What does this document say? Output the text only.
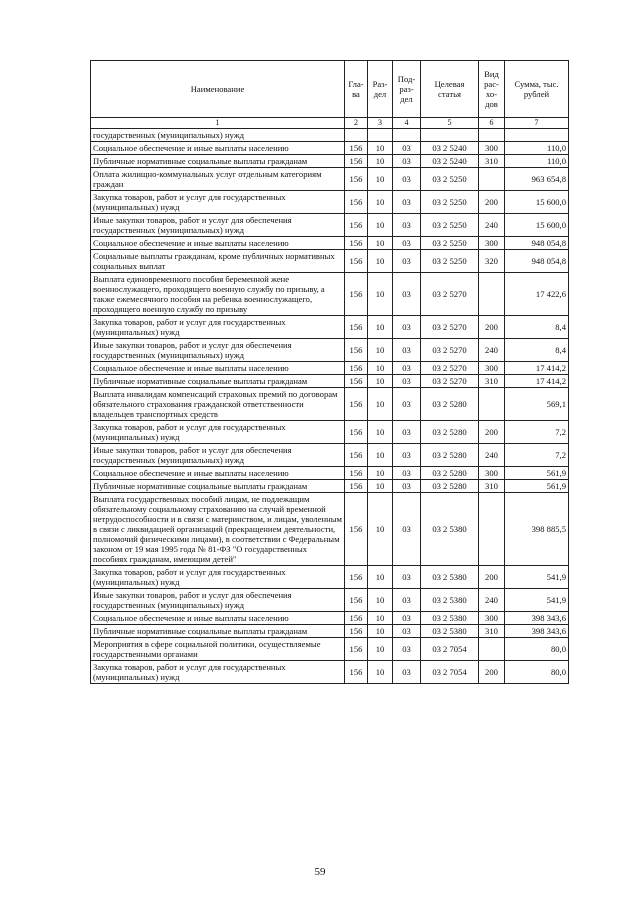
Наименование	Гла-ва	Раз-дел	Под-раз-дел	Целевая статья	Вид рас-хо-дов	Сумма, тыс. рублей
1	2	3	4	5	6	7
государственных (муниципальных) нужд						
Социальное обеспечение и иные выплаты населению	156	10	03	03 2 5240	300	110,0
Публичные нормативные социальные выплаты гражданам	156	10	03	03 2 5240	310	110,0
Оплата жилищно-коммунальных услуг отдельным категориям граждан	156	10	03	03 2 5250		963 654,8
Закупка товаров, работ и услуг для государственных (муниципальных) нужд	156	10	03	03 2 5250	200	15 600,0
Иные закупки товаров, работ и услуг для обеспечения государственных (муниципальных) нужд	156	10	03	03 2 5250	240	15 600,0
Социальное обеспечение и иные выплаты населению	156	10	03	03 2 5250	300	948 054,8
Социальные выплаты гражданам, кроме публичных нормативных социальных выплат	156	10	03	03 2 5250	320	948 054,8
Выплата единовременного пособия беременной жене военнослужащего, проходящего военную службу по призыву, а также ежемесячного пособия на ребенка военнослужащего, проходящего военную службу по призыву	156	10	03	03 2 5270		17 422,6
Закупка товаров, работ и услуг для государственных (муниципальных) нужд	156	10	03	03 2 5270	200	8,4
Иные закупки товаров, работ и услуг для обеспечения государственных (муниципальных) нужд	156	10	03	03 2 5270	240	8,4
Социальное обеспечение и иные выплаты населению	156	10	03	03 2 5270	300	17 414,2
Публичные нормативные социальные выплаты гражданам	156	10	03	03 2 5270	310	17 414,2
Выплата инвалидам компенсаций страховых премий по договорам обязательного страхования гражданской ответственности владельцев транспортных средств	156	10	03	03 2 5280		569,1
Закупка товаров, работ и услуг для государственных (муниципальных) нужд	156	10	03	03 2 5280	200	7,2
Иные закупки товаров, работ и услуг для обеспечения государственных (муниципальных) нужд	156	10	03	03 2 5280	240	7,2
Социальное обеспечение и иные выплаты населению	156	10	03	03 2 5280	300	561,9
Публичные нормативные социальные выплаты гражданам	156	10	03	03 2 5280	310	561,9
Выплата государственных пособий лицам, не подлежащим обязательному социальному страхованию на случай временной нетрудоспособности и в связи с материнством, и лицам, уволенным в связи с ликвидацией организаций (прекращением деятельности, полномочий физическими лицами), в соответствии с Федеральным законом от 19 мая 1995 года № 81-ФЗ "О государственных пособиях гражданам, имеющим детей"	156	10	03	03 2 5380		398 885,5
Закупка товаров, работ и услуг для государственных (муниципальных) нужд	156	10	03	03 2 5380	200	541,9
Иные закупки товаров, работ и услуг для обеспечения государственных (муниципальных) нужд	156	10	03	03 2 5380	240	541,9
Социальное обеспечение и иные выплаты населению	156	10	03	03 2 5380	300	398 343,6
Публичные нормативные социальные выплаты гражданам	156	10	03	03 2 5380	310	398 343,6
Мероприятия в сфере социальной политики, осуществляемые государственными органами	156	10	03	03 2 7054		80,0
Закупка товаров, работ и услуг для государственных (муниципальных) нужд	156	10	03	03 2 7054	200	80,0
59
